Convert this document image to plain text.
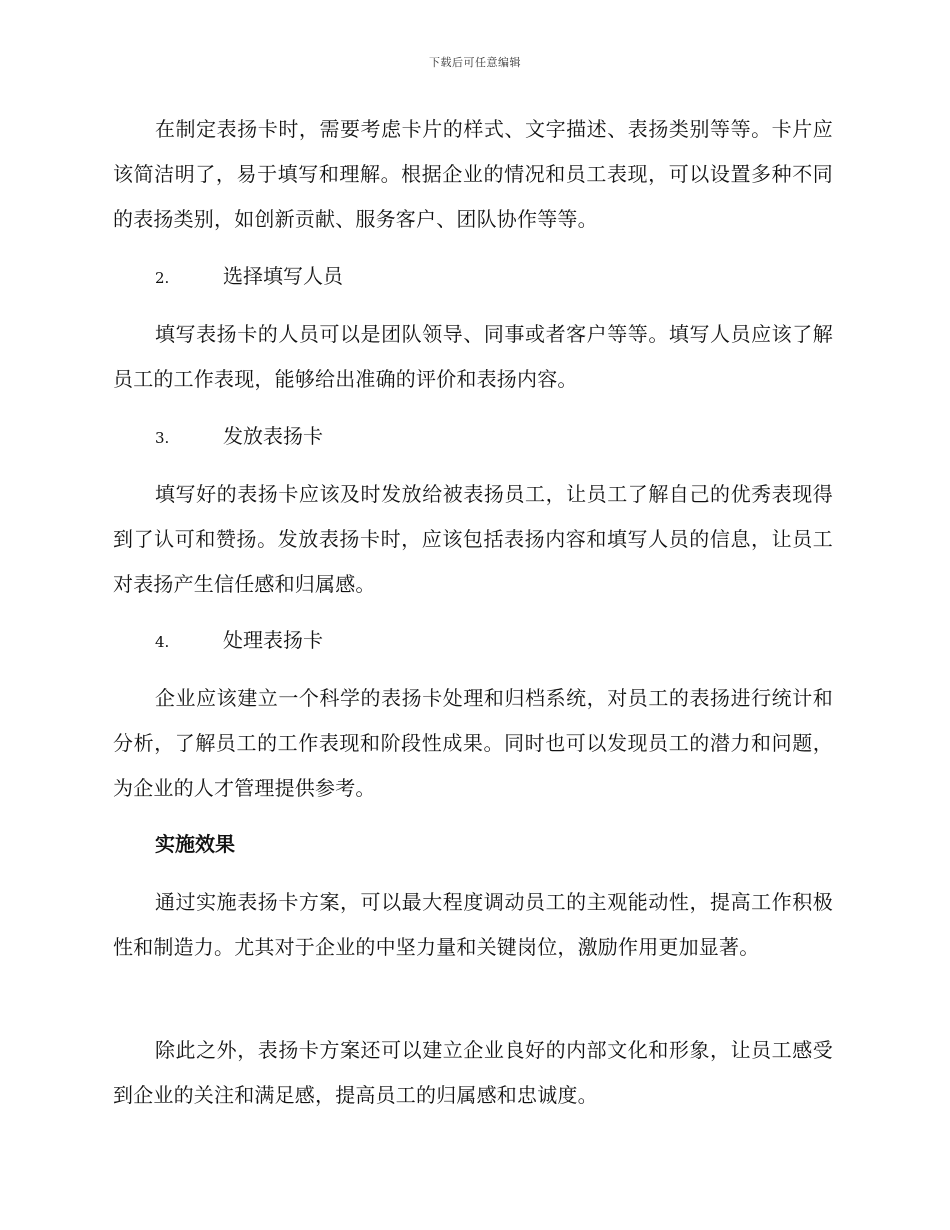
下载后可任意编辑
在制定表扬卡时，需要考虑卡片的样式、文字描述、表扬类别等等。卡片应该简洁明了，易于填写和理解。根据企业的情况和员工表现，可以设置多种不同的表扬类别，如创新贡献、服务客户、团队协作等等。
2.	选择填写人员
填写表扬卡的人员可以是团队领导、同事或者客户等等。填写人员应该了解员工的工作表现，能够给出准确的评价和表扬内容。
3.	发放表扬卡
填写好的表扬卡应该及时发放给被表扬员工，让员工了解自己的优秀表现得到了认可和赞扬。发放表扬卡时，应该包括表扬内容和填写人员的信息，让员工对表扬产生信任感和归属感。
4.	处理表扬卡
企业应该建立一个科学的表扬卡处理和归档系统，对员工的表扬进行统计和分析，了解员工的工作表现和阶段性成果。同时也可以发现员工的潜力和问题，为企业的人才管理提供参考。
实施效果
通过实施表扬卡方案，可以最大程度调动员工的主观能动性，提高工作积极性和制造力。尤其对于企业的中坚力量和关键岗位，激励作用更加显著。
除此之外，表扬卡方案还可以建立企业良好的内部文化和形象，让员工感受到企业的关注和满足感，提高员工的归属感和忠诚度。
